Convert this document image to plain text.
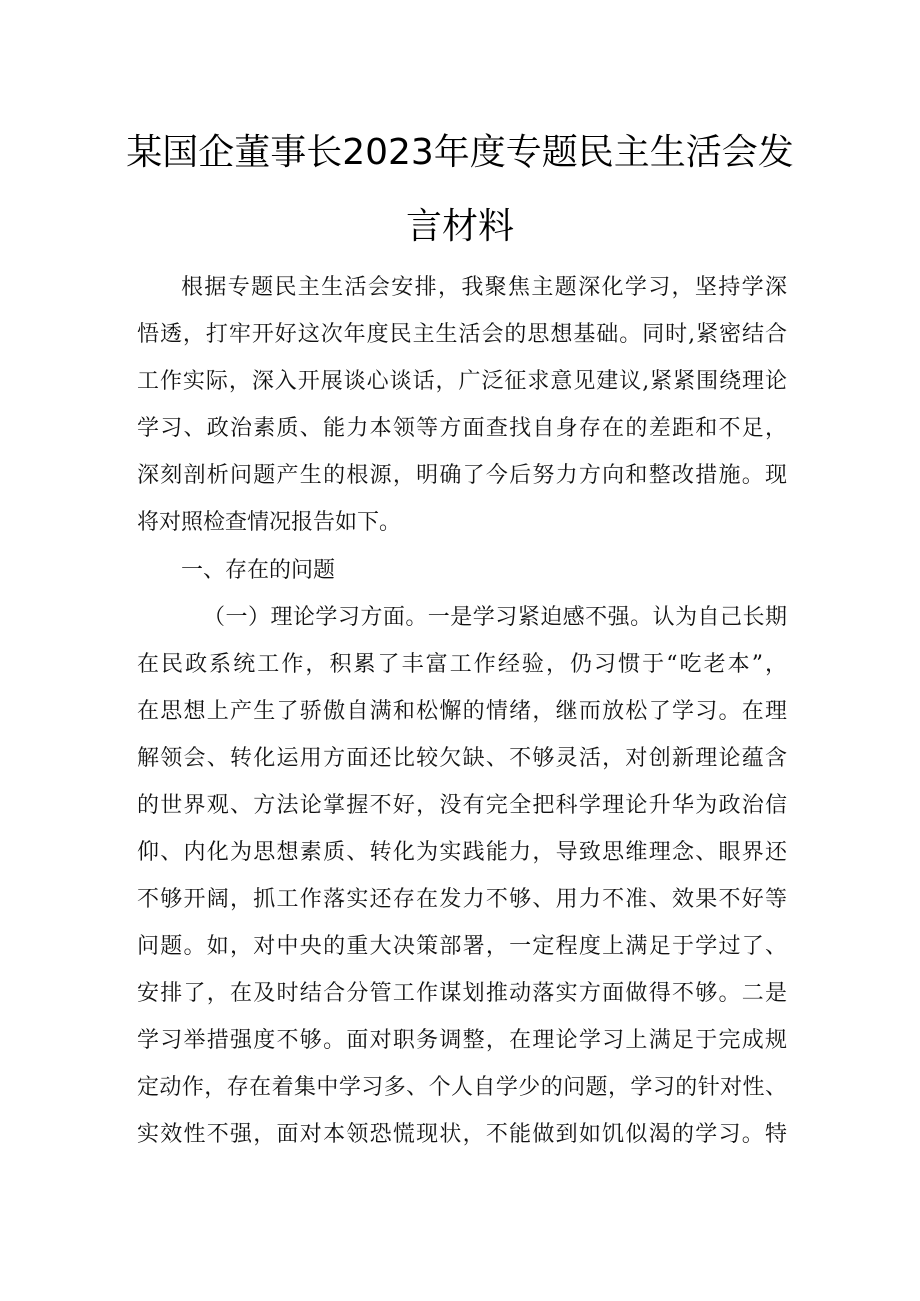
某国企董事长2023年度专题民主生活会发
言材料

根据专题民主生活会安排，我聚焦主题深化学习，坚持学深

悟透，打牢开好这次年度民主生活会的思想基础。同时,紧密结合

工作实际，深入开展谈心谈话，广泛征求意见建议,紧紧围绕理论

学习、政治素质、能力本领等方面查找自身存在的差距和不足，

深刻剖析问题产生的根源，明确了今后努力方向和整改措施。现

将对照检查情况报告如下。

一、存在的问题

（一）理论学习方面。一是学习紧迫感不强。认为自己长期

在民政系统工作，积累了丰富工作经验，仍习惯于“吃老本”，

在思想上产生了骄傲自满和松懈的情绪，继而放松了学习。在理

解领会、转化运用方面还比较欠缺、不够灵活，对创新理论蕴含

的世界观、方法论掌握不好，没有完全把科学理论升华为政治信

仰、内化为思想素质、转化为实践能力，导致思维理念、眼界还

不够开阔，抓工作落实还存在发力不够、用力不准、效果不好等

问题。如，对中央的重大决策部署，一定程度上满足于学过了、

安排了，在及时结合分管工作谋划推动落实方面做得不够。二是

学习举措强度不够。面对职务调整，在理论学习上满足于完成规

定动作，存在着集中学习多、个人自学少的问题，学习的针对性、

实效性不强，面对本领恐慌现状，不能做到如饥似渴的学习。特
